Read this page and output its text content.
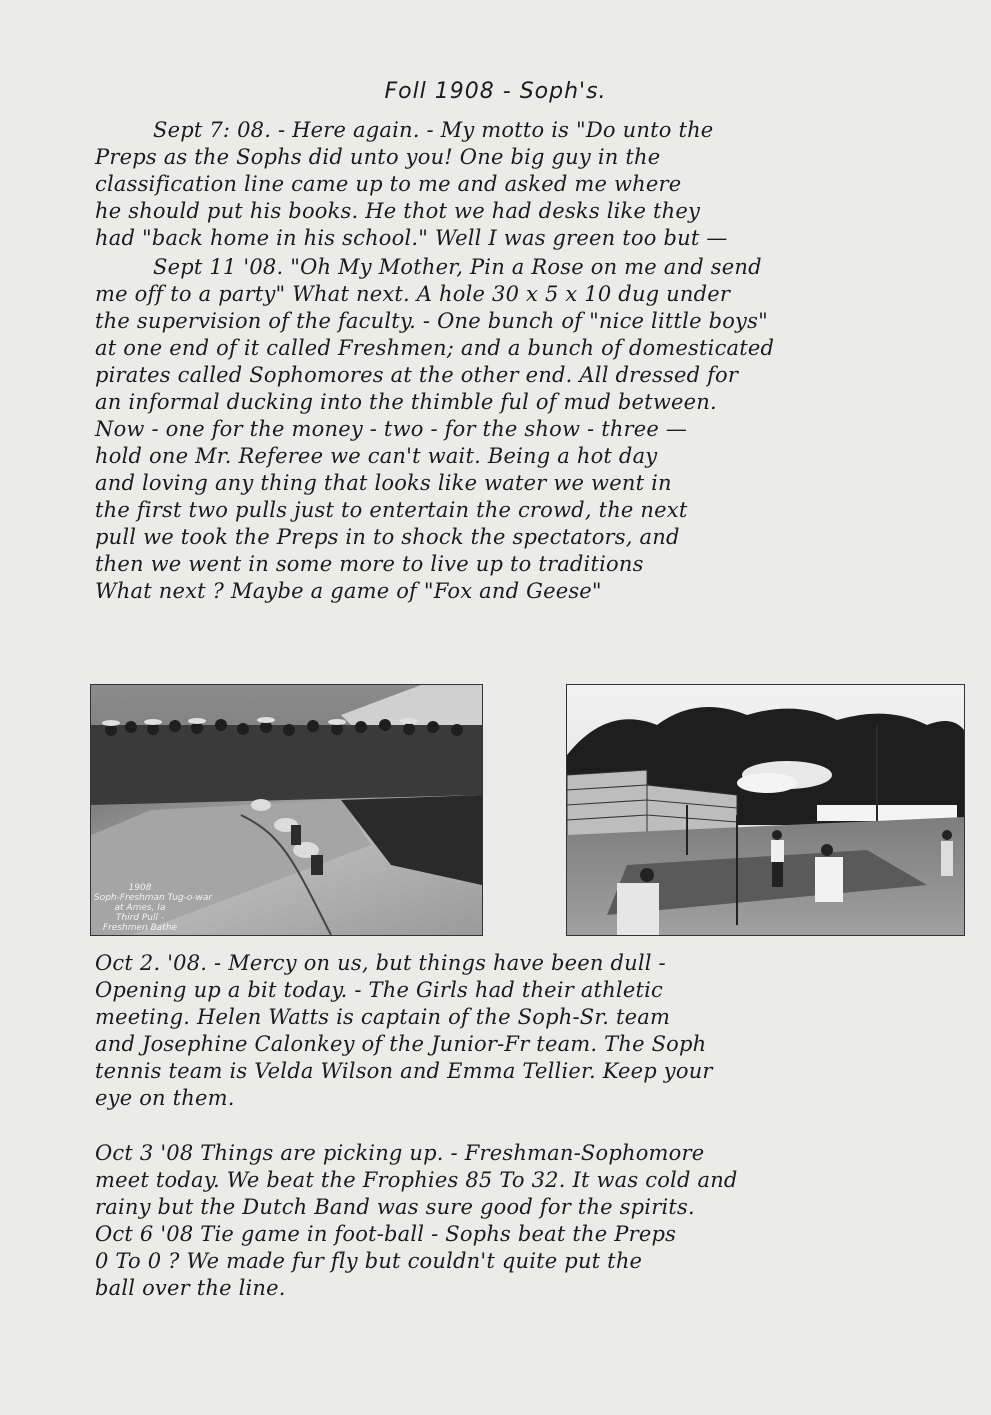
Foll 1908 - Soph's.
Sept 7: 08. - Here again. - My motto is "Do unto the
Preps as the Sophs did unto you! One big guy in the
classification line came up to me and asked me where
he should put his books. He thot we had desks like they
had "back home in his school." Well I was green too but —
Sept 11 '08. "Oh My Mother, Pin a Rose on me and send
me off to a party" What next. A hole 30 x 5 x 10 dug under
the supervision of the faculty. - One bunch of "nice little boys"
at one end of it called Freshmen; and a bunch of domesticated
pirates called Sophomores at the other end. All dressed for
an informal ducking into the thimble ful of mud between.
Now - one for the money - two - for the show - three —
hold one Mr. Referee we can't wait. Being a hot day
and loving any thing that looks like water we went in
the first two pulls just to entertain the crowd, the next
pull we took the Preps in to shock the spectators, and
then we went in some more to live up to traditions
What next ? Maybe a game of "Fox and Geese"
1908
Soph-Freshman Tug-o-war
at Ames, Ia
Third Pull -
Freshmen Bathe
Oct 2. '08. - Mercy on us, but things have been dull -
Opening up a bit today. - The Girls had their athletic
meeting. Helen Watts is captain of the Soph-Sr. team
and Josephine Calonkey of the Junior-Fr team. The Soph
tennis team is Velda Wilson and Emma Tellier. Keep your
eye on them.
Oct 3 '08 Things are picking up. - Freshman-Sophomore
meet today. We beat the Frophies 85 To 32. It was cold and
rainy but the Dutch Band was sure good for the spirits.
Oct 6 '08 Tie game in foot-ball - Sophs beat the Preps
0 To 0 ? We made fur fly but couldn't quite put the
ball over the line.
